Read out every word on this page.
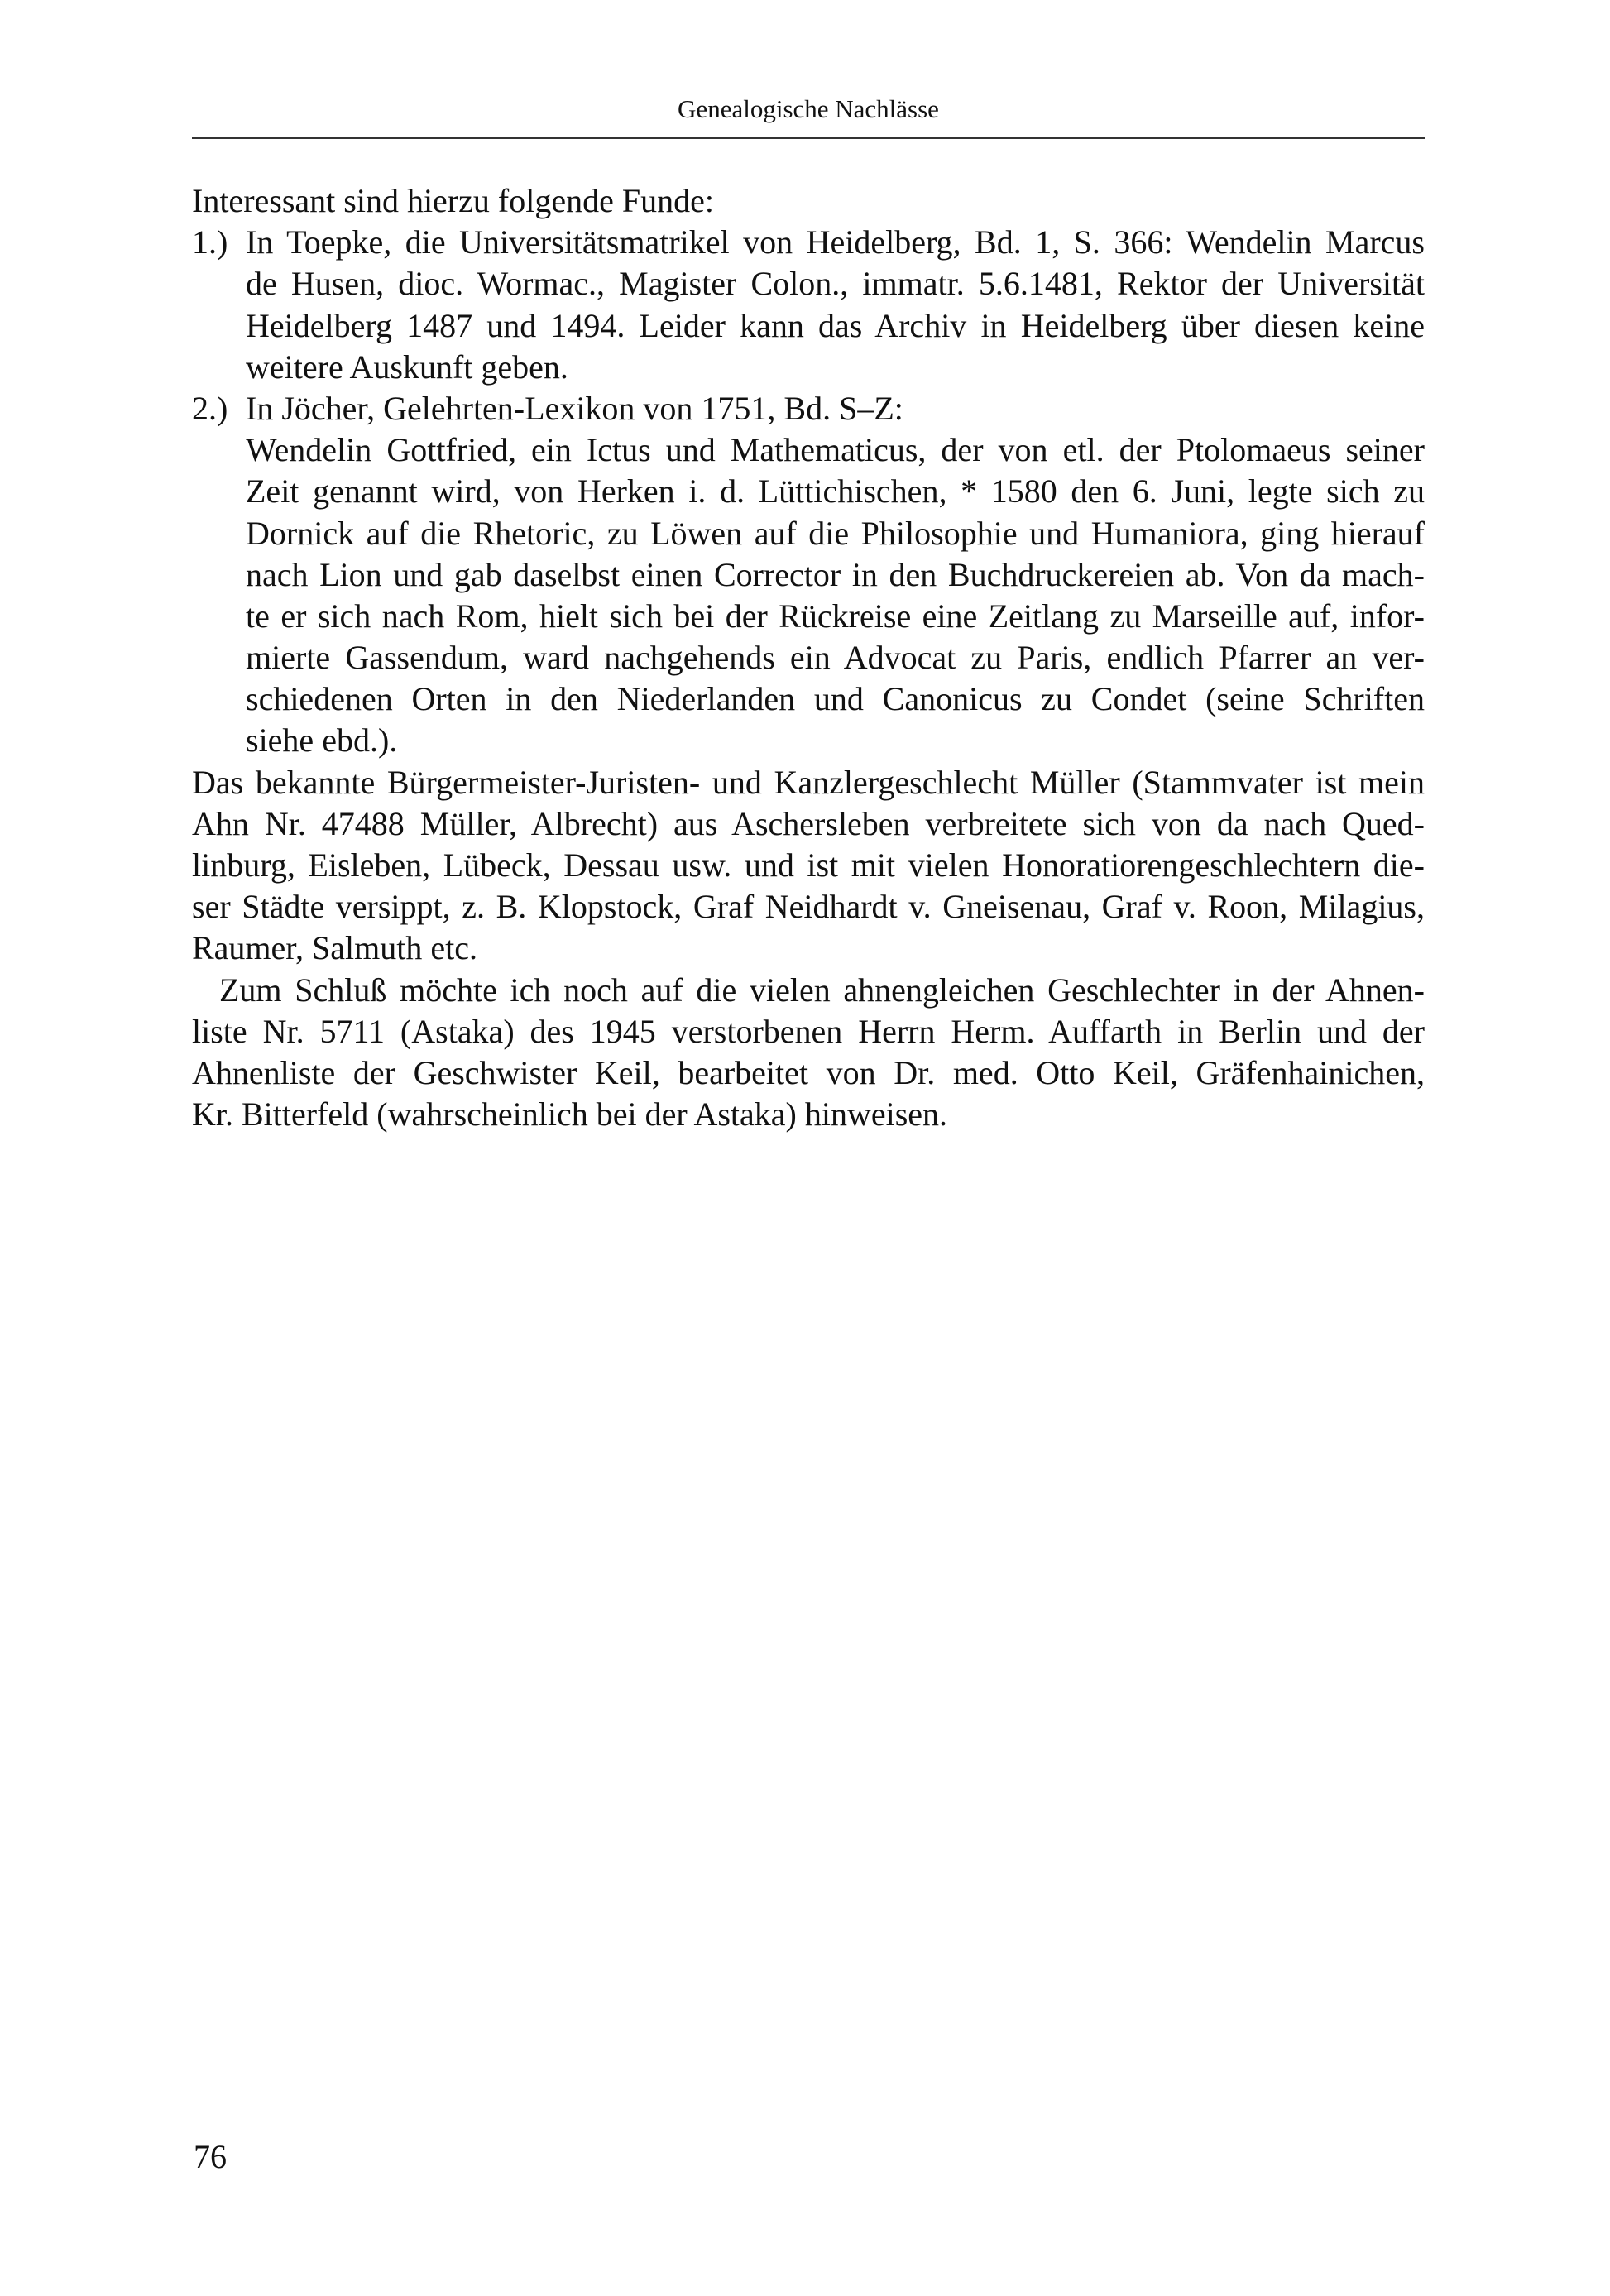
Genealogische Nachlässe
Interessant sind hierzu folgende Funde:
1.) In Toepke, die Universitätsmatrikel von Heidelberg, Bd. 1, S. 366: Wendelin Marcus
de Husen, dioc. Wormac., Magister Colon., immatr. 5.6.1481, Rektor der Universität
Heidelberg 1487 und 1494. Leider kann das Archiv in Heidelberg über diesen keine
weitere Auskunft geben.
2.) In Jöcher, Gelehrten-Lexikon von 1751, Bd. S–Z:
Wendelin Gottfried, ein Ictus und Mathematicus, der von etl. der Ptolomaeus seiner
Zeit genannt wird, von Herken i. d. Lüttichischen, * 1580 den 6. Juni, legte sich zu
Dornick auf die Rhetoric, zu Löwen auf die Philosophie und Humaniora, ging hierauf
nach Lion und gab daselbst einen Corrector in den Buchdruckereien ab. Von da mach-
te er sich nach Rom, hielt sich bei der Rückreise eine Zeitlang zu Marseille auf, infor-
mierte Gassendum, ward nachgehends ein Advocat zu Paris, endlich Pfarrer an ver-
schiedenen Orten in den Niederlanden und Canonicus zu Condet (seine Schriften
siehe ebd.).
Das bekannte Bürgermeister-Juristen- und Kanzlergeschlecht Müller (Stammvater ist mein
Ahn Nr. 47488 Müller, Albrecht) aus Aschersleben verbreitete sich von da nach Qued-
linburg, Eisleben, Lübeck, Dessau usw. und ist mit vielen Honoratiorengeschlechtern die-
ser Städte versippt, z. B. Klopstock, Graf Neidhardt v. Gneisenau, Graf v. Roon, Milagius,
Raumer, Salmuth etc.
Zum Schluß möchte ich noch auf die vielen ahnengleichen Geschlechter in der Ahnen-
liste Nr. 5711 (Astaka) des 1945 verstorbenen Herrn Herm. Auffarth in Berlin und der
Ahnenliste der Geschwister Keil, bearbeitet von Dr. med. Otto Keil, Gräfenhainichen,
Kr. Bitterfeld (wahrscheinlich bei der Astaka) hinweisen.
76
